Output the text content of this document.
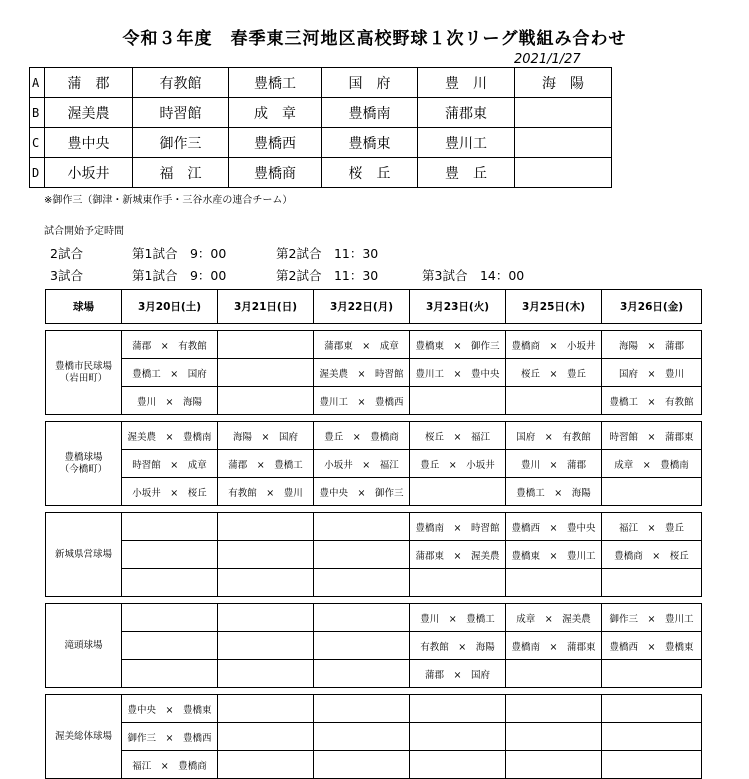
令和３年度　春季東三河地区高校野球１次リーグ戦組み合わせ
2021/1/27
A	蒲　郡	有教館	豊橋工	国　府	豊　川	海　陽
B	渥美農	時習館	成　章	豊橋南	蒲郡東	
C	豊中央	御作三	豊橋西	豊橋東	豊川工	
D	小坂井	福　江	豊橋商	桜　丘	豊　丘	
※御作三（御津・新城東作手・三谷水産の連合チーム）
試合開始予定時間
2試合	第1試合　9：00	第2試合　11：30
3試合	第1試合　9：00	第2試合　11：30	第3試合　14：00
球場	3月20日(土)	3月21日(日)	3月22日(月)	3月23日(火)	3月25日(木)	3月26日(金)

豊橋市民球場
（岩田町）	蒲郡　×　有教館		蒲郡東　×　成章	豊橋東　×　御作三	豊橋商　×　小坂井	海陽　×　蒲郡
	豊橋工　×　国府		渥美農　×　時習館	豊川工　×　豊中央	桜丘　×　豊丘	国府　×　豊川
	豊川　×　海陽		豊川工　×　豊橋西			豊橋工　×　有教館

豊橋球場
（今橋町）	渥美農　×　豊橋南	海陽　×　国府	豊丘　×　豊橋商	桜丘　×　福江	国府　×　有教館	時習館　×　蒲郡東
	時習館　×　成章	蒲郡　×　豊橋工	小坂井　×　福江	豊丘　×　小坂井	豊川　×　蒲郡	成章　×　豊橋南
	小坂井　×　桜丘	有教館　×　豊川	豊中央　×　御作三		豊橋工　×　海陽	

新城県営球場				豊橋南　×　時習館	豊橋西　×　豊中央	福江　×　豊丘
				蒲郡東　×　渥美農	豊橋東　×　豊川工	豊橋商　×　桜丘

滝頭球場				豊川　×　豊橋工	成章　×　渥美農	御作三　×　豊川工
				有教館　×　海陽	豊橋南　×　蒲郡東	豊橋西　×　豊橋東
				蒲郡　×　国府		

渥美総体球場	豊中央　×　豊橋東					
	御作三　×　豊橋西					
	福江　×　豊橋商					
